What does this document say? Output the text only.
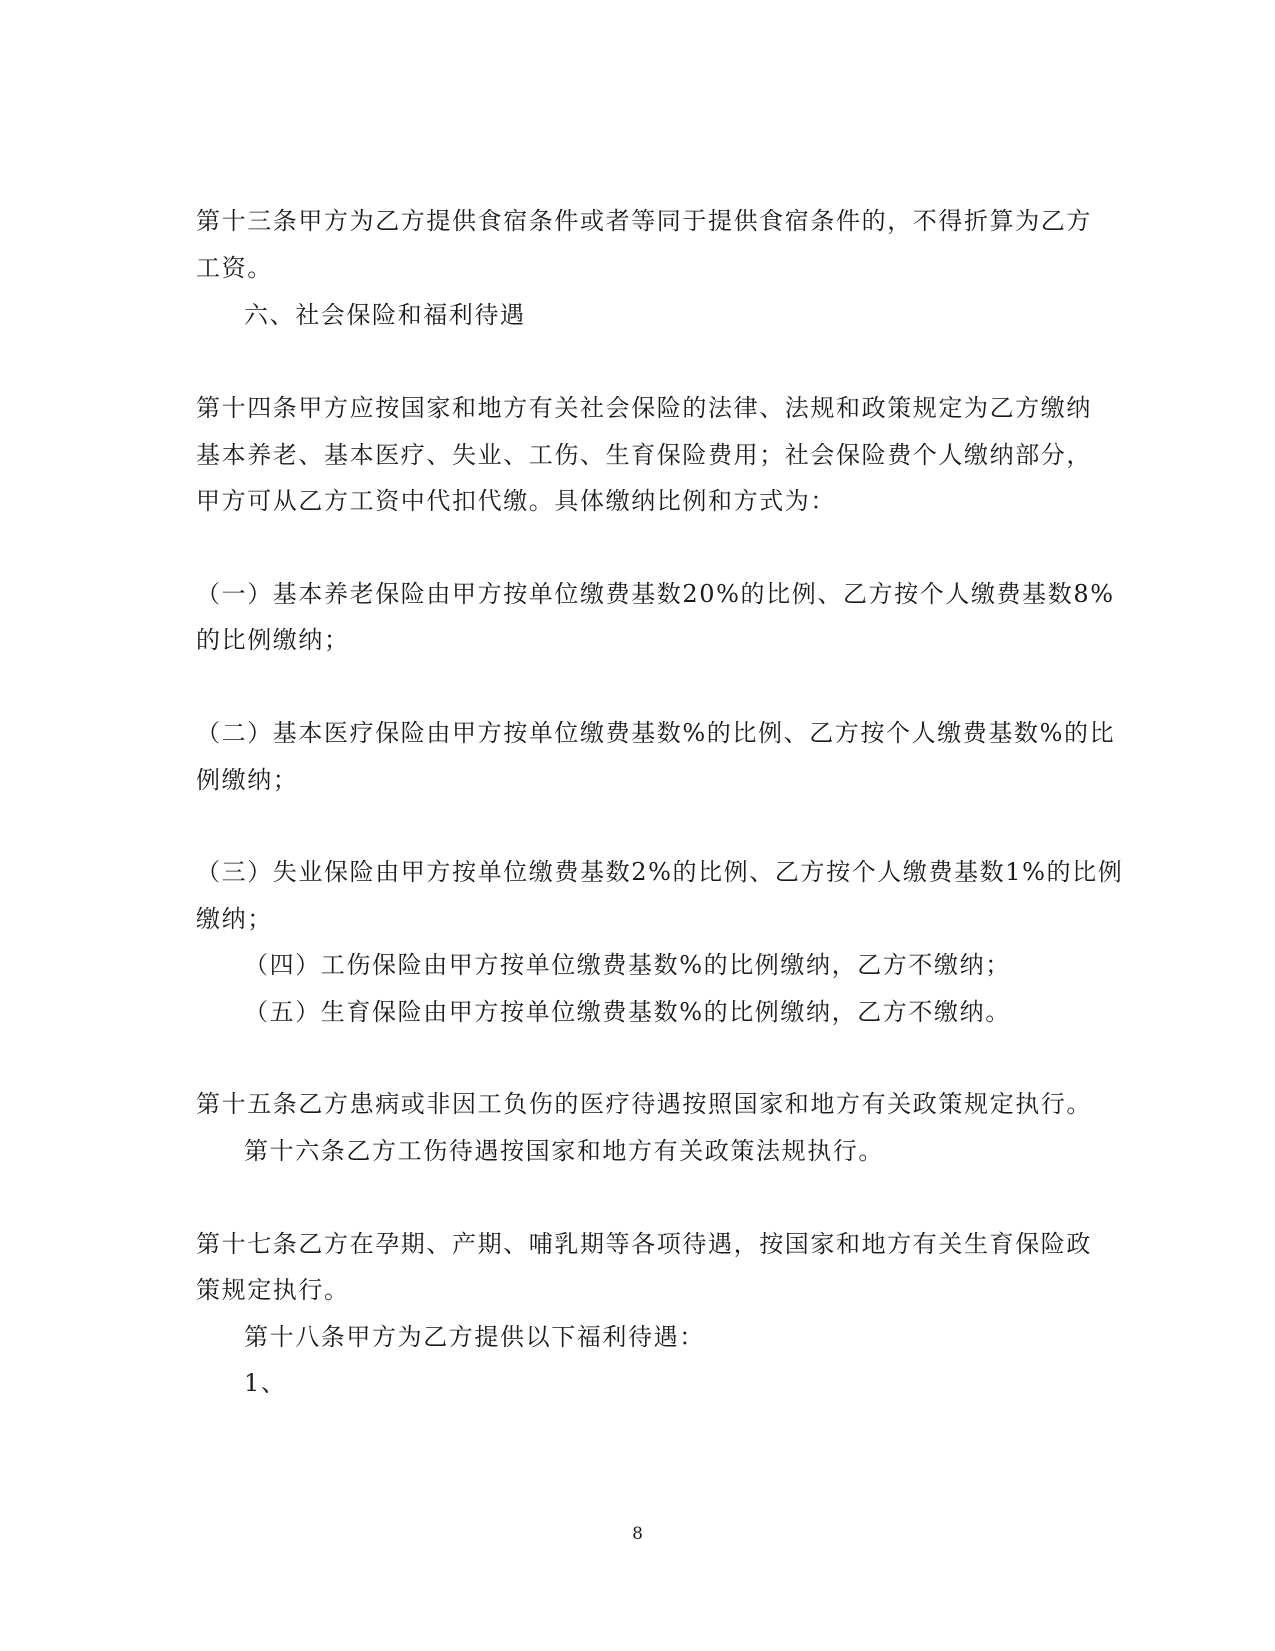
第十三条甲方为乙方提供食宿条件或者等同于提供食宿条件的，不得折算为乙方
工资。
六、社会保险和福利待遇
第十四条甲方应按国家和地方有关社会保险的法律、法规和政策规定为乙方缴纳
基本养老、基本医疗、失业、工伤、生育保险费用；社会保险费个人缴纳部分，
甲方可从乙方工资中代扣代缴。具体缴纳比例和方式为：
（一）基本养老保险由甲方按单位缴费基数20%的比例、乙方按个人缴费基数8%
的比例缴纳；
（二）基本医疗保险由甲方按单位缴费基数%的比例、乙方按个人缴费基数%的比
例缴纳；
（三）失业保险由甲方按单位缴费基数2%的比例、乙方按个人缴费基数1%的比例
缴纳；
（四）工伤保险由甲方按单位缴费基数%的比例缴纳，乙方不缴纳；
（五）生育保险由甲方按单位缴费基数%的比例缴纳，乙方不缴纳。
第十五条乙方患病或非因工负伤的医疗待遇按照国家和地方有关政策规定执行。
第十六条乙方工伤待遇按国家和地方有关政策法规执行。
第十七条乙方在孕期、产期、哺乳期等各项待遇，按国家和地方有关生育保险政
策规定执行。
第十八条甲方为乙方提供以下福利待遇：
1、
8
